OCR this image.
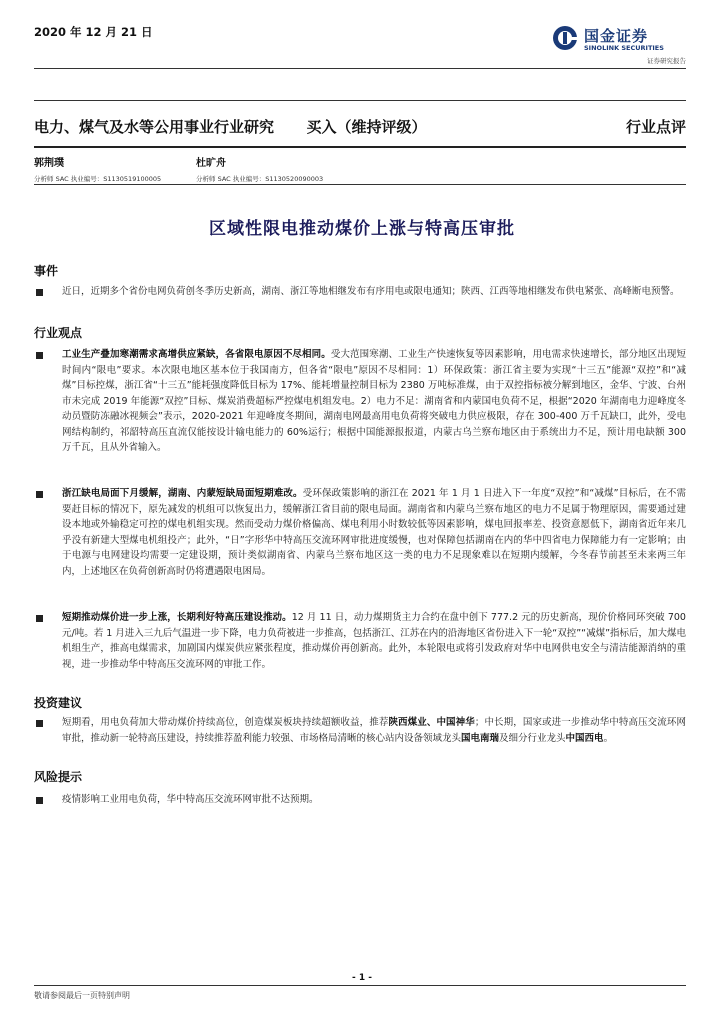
2020 年 12 月 21 日	国金证券
SINOLINK SECURITIES
证券研究报告
电力、煤气及水等公用事业行业研究 买入（维持评级）	行业点评
郭荆璞
分析师 SAC 执业编号：S1130519100005
杜旷舟
分析师 SAC 执业编号：S1130520090003
区域性限电推动煤价上涨与特高压审批
事件
近日，近期多个省份电网负荷创冬季历史新高，湖南、浙江等地相继发布有序用电或限电通知；陕西、江西等地相继发布供电紧张、高峰断电预警。
行业观点
工业生产叠加寒潮需求高增供应紧缺，各省限电原因不尽相同。受大范围寒潮、工业生产快速恢复等因素影响，用电需求快速增长，部分地区出现短时间内“限电”要求。本次限电地区基本位于我国南方，但各省“限电”原因不尽相同：1）环保政策：浙江省主要为实现“十三五”能源“双控”和“减煤”目标控煤，浙江省“十三五”能耗强度降低目标为 17%、能耗增量控制目标为 2380 万吨标准煤，由于双控指标被分解到地区，金华、宁波、台州市未完成 2019 年能源“双控”目标、煤炭消费超标严控煤电机组发电。2）电力不足：湖南省和内蒙国电负荷不足，根据“2020 年湖南电力迎峰度冬动员暨防冻融冰视频会”表示，2020-2021 年迎峰度冬期间，湖南电网最高用电负荷将突破电力供应极限，存在 300-400 万千瓦缺口，此外，受电网结构制约，祁韶特高压直流仅能按设计输电能力的 60%运行；根据中国能源报报道，内蒙古乌兰察布地区由于系统出力不足，预计用电缺额 300 万千瓦，且从外省输入。
浙江缺电局面下月缓解，湖南、内蒙短缺局面短期难改。受环保政策影响的浙江在 2021 年 1 月 1 日进入下一年度“双控”和“减煤”目标后，在不需要赶目标的情况下，原先减发的机组可以恢复出力，缓解浙江省目前的限电局面。湖南省和内蒙乌兰察布地区的电力不足属于物理原因，需要通过建设本地或外输稳定可控的煤电机组实现。然而受动力煤价格偏高、煤电利用小时数较低等因素影响，煤电回报率差、投资意愿低下，湖南省近年来几乎没有新建大型煤电机组投产；此外，“日”字形华中特高压交流环网审批进度缓慢，也对保障包括湖南在内的华中四省电力保障能力有一定影响；由于电源与电网建设均需要一定建设期，预计类似湖南省、内蒙乌兰察布地区这一类的电力不足现象难以在短期内缓解，今冬春节前甚至未来两三年内，上述地区在负荷创新高时仍将遭遇限电困局。
短期推动煤价进一步上涨，长期利好特高压建设推动。12 月 11 日，动力煤期货主力合约在盘中创下 777.2 元的历史新高，现价价格同环突破 700 元/吨。若 1 月进入三九后气温进一步下降，电力负荷被进一步推高，包括浙江、江苏在内的沿海地区省份进入下一轮“双控”“减煤”指标后，加大煤电机组生产，推高电煤需求，加剧国内煤炭供应紧张程度，推动煤价再创新高。此外，本轮限电或将引发政府对华中电网供电安全与清洁能源消纳的重视，进一步推动华中特高压交流环网的审批工作。
投资建议
短期看，用电负荷加大带动煤价持续高位，创造煤炭板块持续超额收益，推荐陕西煤业、中国神华；中长期，国家或进一步推动华中特高压交流环网审批，推动新一轮特高压建设，持续推荐盈利能力较强、市场格局清晰的核心站内设备领域龙头国电南瑞及细分行业龙头中国西电。
风险提示
疫情影响工业用电负荷，华中特高压交流环网审批不达预期。
- 1 -
敬请参阅最后一页特别声明
